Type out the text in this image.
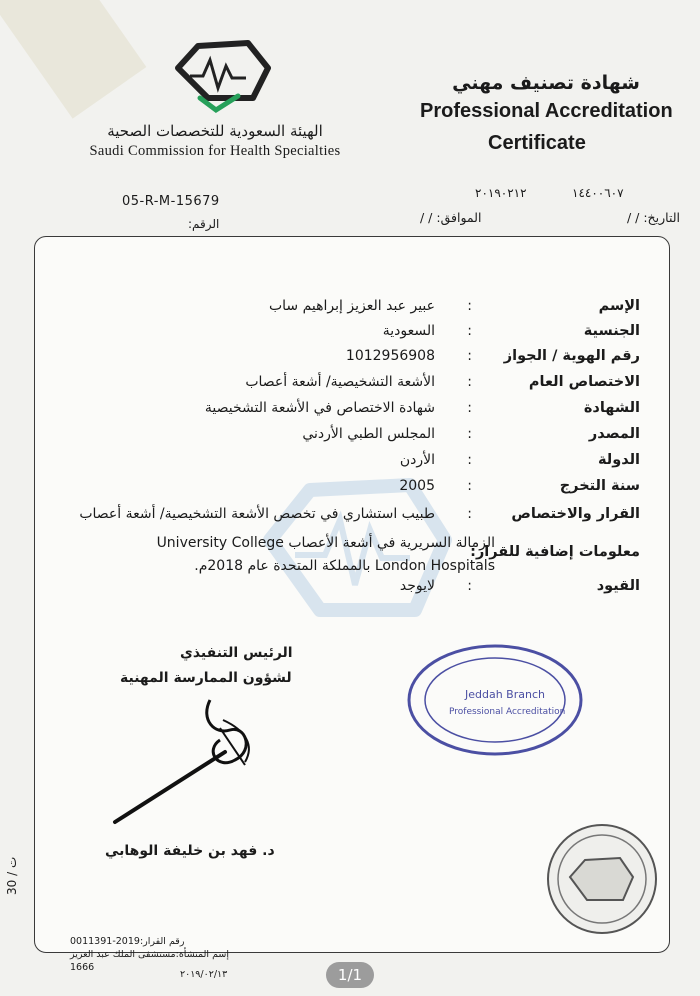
الهيئة السعودية للتخصصات الصحية
Saudi Commission for Health Specialties
شهادة تصنيف مهني
Professional Accreditation
Certificate
05-R-M-15679
الرقم:
١٤٤٠٠٦٠٧
٢٠١٩٠٢١٢
التاريخ: / /
الموافق: / /
الإسم
:
عبير عبد العزيز إبراهيم ساب
الجنسية
:
السعودية
رقم الهوية / الجواز
:
1012956908
الاختصاص العام
:
الأشعة التشخيصية/ أشعة أعصاب
الشهادة
:
شهادة الاختصاص في الأشعة التشخيصية
المصدر
:
المجلس الطبي الأردني
الدولة
:
الأردن
سنة التخرج
:
2005
القرار والاختصاص
:
طبيب استشاري في تخصص الأشعة التشخيصية/ أشعة أعصاب
الزمالة السريرية في أشعة الأعصاب University College
معلومات إضافية للقرار:
London Hospitals بالمملكة المتحدة عام 2018م.
القيود
:
لايوجد
الرئيس التنفيذي
لشؤون الممارسة المهنية
د. فهد بن خليفة الوهابي
Jeddah Branch
Professional Accreditation
رقم القرار:2019-0011391
إسم المنشأة:مستشفى الملك عبد العزيز
1666
٢٠١٩/٠٢/١٣
ت / 30
1/1
